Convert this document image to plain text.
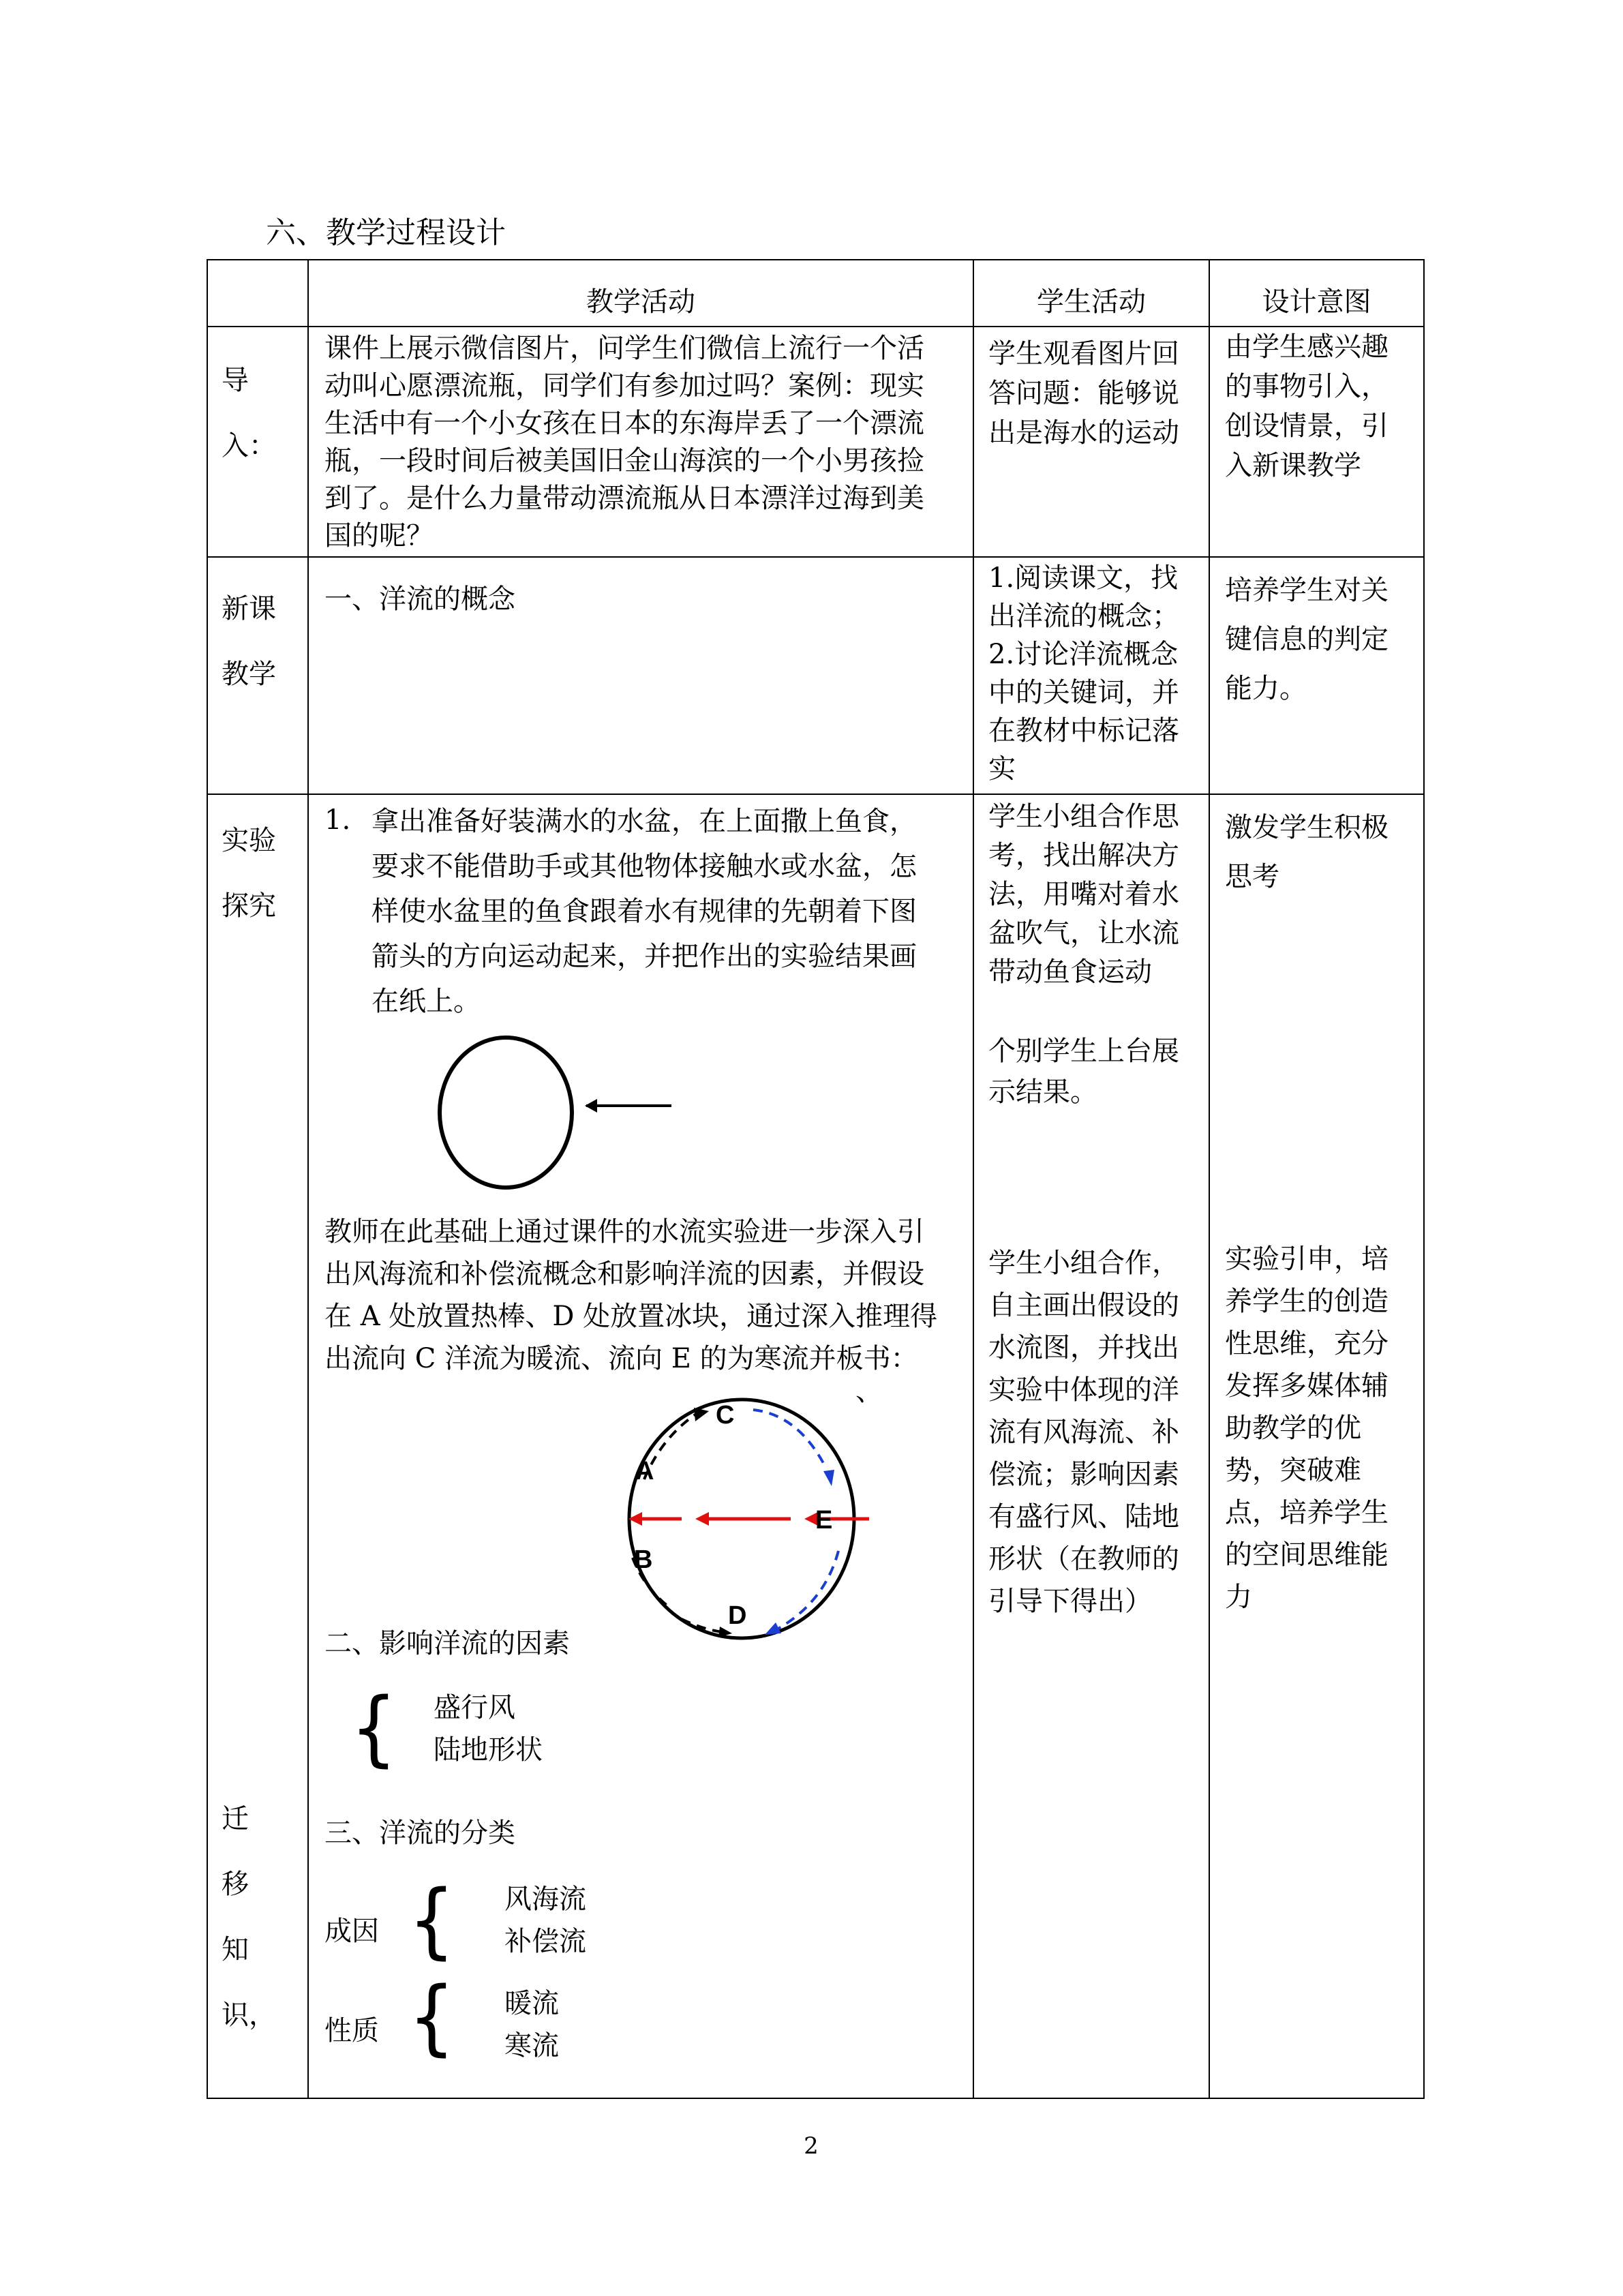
六、教学过程设计
教学活动	学生活动	设计意图
导
入：
课件上展示微信图片，问学生们微信上流行一个活
动叫心愿漂流瓶，同学们有参加过吗？案例：现实
生活中有一个小女孩在日本的东海岸丢了一个漂流
瓶，一段时间后被美国旧金山海滨的一个小男孩捡
到了。是什么力量带动漂流瓶从日本漂洋过海到美
国的呢？
学生观看图片回
答问题：能够说
出是海水的运动
由学生感兴趣
的事物引入，
创设情景，引
入新课教学
新课
教学
一、洋流的概念
1.阅读课文，找
出洋流的概念；
2.讨论洋流概念
中的关键词，并
在教材中标记落
实
培养学生对关
键信息的判定
能力。
实验
探究
迁
移
知
识，
1. 拿出准备好装满水的水盆，在上面撒上鱼食，
要求不能借助手或其他物体接触水或水盆，怎
样使水盆里的鱼食跟着水有规律的先朝着下图
箭头的方向运动起来，并把作出的实验结果画
在纸上。
教师在此基础上通过课件的水流实验进一步深入引
出风海流和补偿流概念和影响洋流的因素，并假设
在 A 处放置热棒、D 处放置冰块，通过深入推理得
出流向 C 洋流为暖流、流向 E 的为寒流并板书：
、
A
B
C
D
E
二、影响洋流的因素
{ 盛行风
陆地形状
三、洋流的分类
成因 { 风海流
补偿流
性质 { 暖流
寒流
学生小组合作思
考，找出解决方
法，用嘴对着水
盆吹气，让水流
带动鱼食运动
个别学生上台展
示结果。
学生小组合作，
自主画出假设的
水流图，并找出
实验中体现的洋
流有风海流、补
偿流；影响因素
有盛行风、陆地
形状（在教师的
引导下得出）
激发学生积极
思考
实验引申，培
养学生的创造
性思维，充分
发挥多媒体辅
助教学的优
势，突破难
点，培养学生
的空间思维能
力
2
